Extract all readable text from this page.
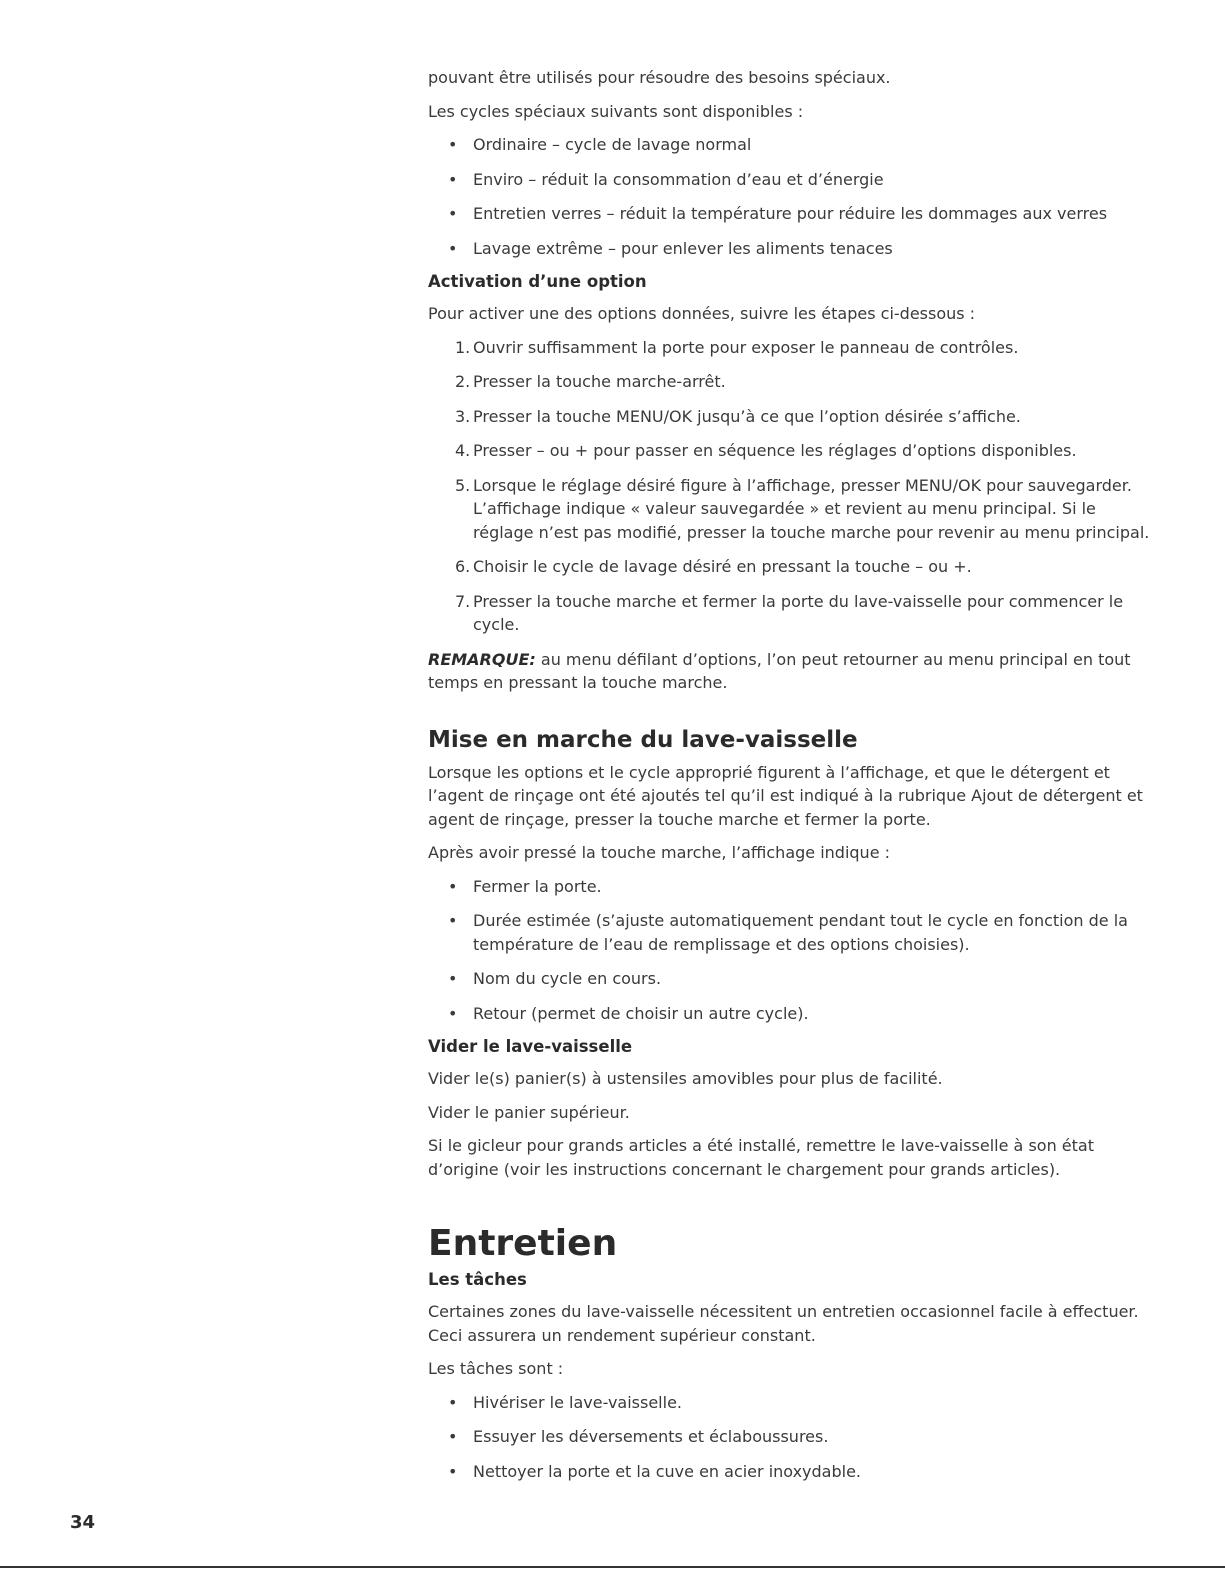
pouvant être utilisés pour résoudre des besoins spéciaux.

Les cycles spéciaux suivants sont disponibles :

• Ordinaire – cycle de lavage normal
• Enviro – réduit la consommation d’eau et d’énergie
• Entretien verres – réduit la température pour réduire les dommages aux verres
• Lavage extrême – pour enlever les aliments tenaces
Activation d’une option

Pour activer une des options données, suivre les étapes ci-dessous :

1. Ouvrir suffisamment la porte pour exposer le panneau de contrôles.
2. Presser la touche marche-arrêt.
3. Presser la touche MENU/OK jusqu’à ce que l’option désirée s’affiche.
4. Presser – ou + pour passer en séquence les réglages d’options disponibles.
5. Lorsque le réglage désiré figure à l’affichage, presser MENU/OK pour sauvegarder. L’affichage indique « valeur sauvegardée » et revient au menu principal. Si le réglage n’est pas modifié, presser la touche marche pour revenir au menu principal.
6. Choisir le cycle de lavage désiré en pressant la touche – ou +.
7. Presser la touche marche et fermer la porte du lave-vaisselle pour commencer le cycle.

REMARQUE: au menu défilant d’options, l’on peut retourner au menu principal en tout temps en pressant la touche marche.

Mise en marche du lave-vaisselle

Lorsque les options et le cycle approprié figurent à l’affichage, et que le détergent et l’agent de rinçage ont été ajoutés tel qu’il est indiqué à la rubrique Ajout de détergent et agent de rinçage, presser la touche marche et fermer la porte.

Après avoir pressé la touche marche, l’affichage indique :

• Fermer la porte.
• Durée estimée (s’ajuste automatiquement pendant tout le cycle en fonction de la température de l’eau de remplissage et des options choisies).
• Nom du cycle en cours.
• Retour (permet de choisir un autre cycle).
Vider le lave-vaisselle

Vider le(s) panier(s) à ustensiles amovibles pour plus de facilité.

Vider le panier supérieur.

Si le gicleur pour grands articles a été installé, remettre le lave-vaisselle à son état d’origine (voir les instructions concernant le chargement pour grands articles).

Entretien
Les tâches

Certaines zones du lave-vaisselle nécessitent un entretien occasionnel facile à effectuer. Ceci assurera un rendement supérieur constant.

Les tâches sont :

• Hivériser le lave-vaisselle.
• Essuyer les déversements et éclaboussures.
• Nettoyer la porte et la cuve en acier inoxydable.
34
